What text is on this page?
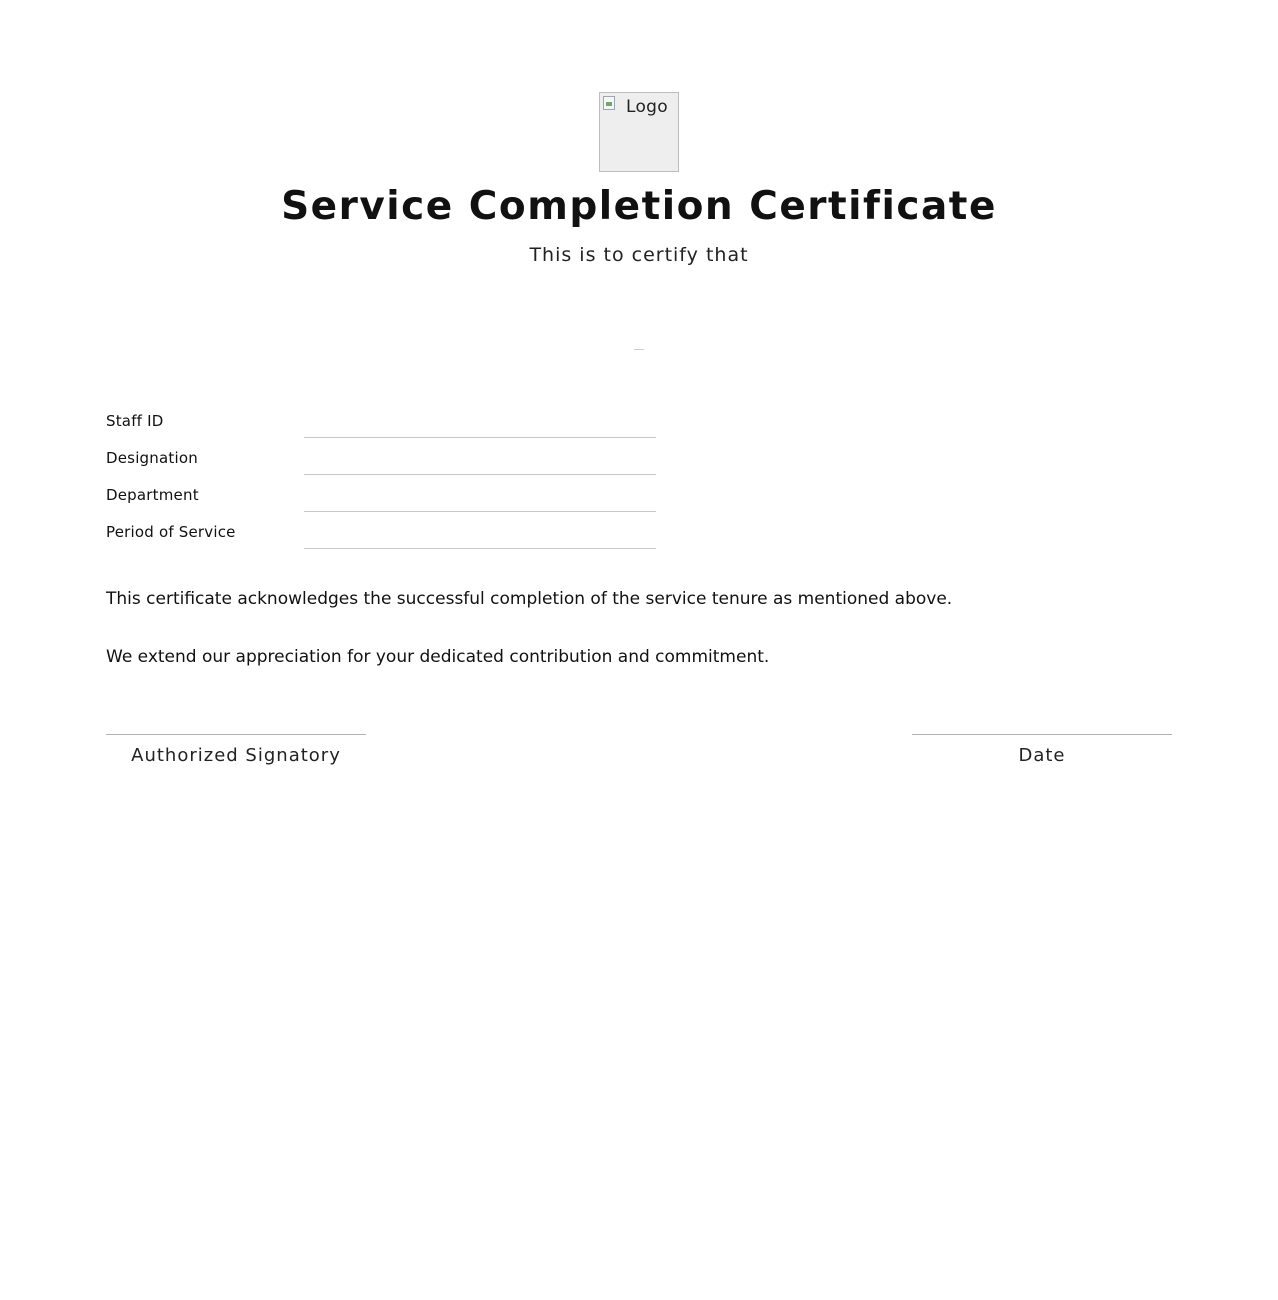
Logo
Service Completion Certificate
This is to certify that
Staff ID
Designation
Department
Period of Service

This certificate acknowledges the successful completion of the service tenure as mentioned above.

We extend our appreciation for your dedicated contribution and commitment.

Authorized Signatory	Date
